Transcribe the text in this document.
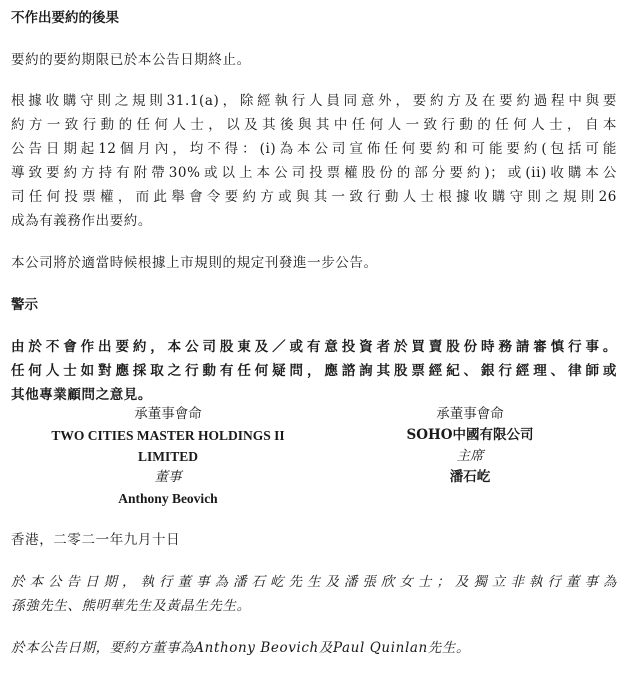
不作出要約的後果

要約的要約期限已於本公告日期終止。

根據收購守則之規則31.1(a)，除經執行人員同意外，要約方及在要約過程中與要

約方一致行動的任何人士，以及其後與其中任何人一致行動的任何人士，自本

公告日期起12個月內，均不得：(i)為本公司宣佈任何要約和可能要約(包括可能

導致要約方持有附帶30%或以上本公司投票權股份的部分要約)；或(ii)收購本公

司任何投票權，而此舉會令要約方或與其一致行動人士根據收購守則之規則26

成為有義務作出要約。

本公司將於適當時候根據上市規則的規定刊發進一步公告。

警示

由於不會作出要約，本公司股東及／或有意投資者於買賣股份時務請審慎行事。

任何人士如對應採取之行動有任何疑問，應諮詢其股票經紀、銀行經理、律師或

其他專業顧問之意見。

承董事會命
TWO CITIES MASTER HOLDINGS II
LIMITED
董事
Anthony Beovich
承董事會命
SOHO中國有限公司
主席
潘石屹

香港，二零二一年九月十日

於本公告日期，執行董事為潘石屹先生及潘張欣女士；及獨立非執行董事為

孫強先生、熊明華先生及黃晶生先生。

於本公告日期，要約方董事為Anthony Beovich及Paul Quinlan先生。
